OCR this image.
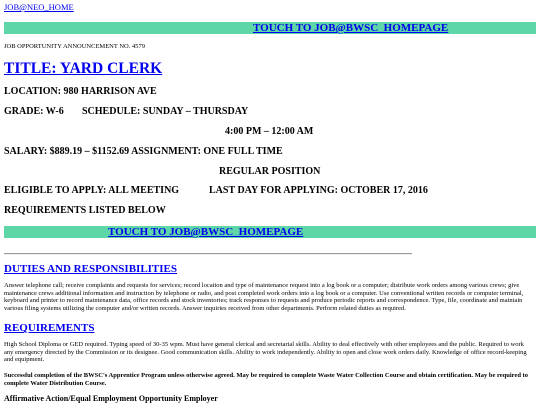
JOB@NEO_HOME
TOUCH TO JOB@BWSC_HOMEPAGE
JOB OPPORTUNITY ANNOUNCEMENT NO. 4579
TITLE: YARD CLERK
LOCATION: 980 HARRISON AVE
GRADE: W-6 SCHEDULE: SUNDAY – THURSDAY
4:00 PM – 12:00 AM
SALARY: $889.19 – $1152.69 ASSIGNMENT: ONE FULL TIME
REGULAR POSITION
ELIGIBLE TO APPLY: ALL MEETING	LAST DAY FOR APPLYING: OCTOBER 17, 2016
REQUIREMENTS LISTED BELOW
TOUCH TO JOB@BWSC_HOMEPAGE
DUTIES AND RESPONSIBILITIES
Answer telephone call; receive complaints and requests for services; record location and type of maintenance request into a log book or a computer; distribute work orders among various crews; give maintenance crews additional information and instruction by telephone or radio, and post completed work orders into a log book or a computer. Use conventional written records or computer terminal, keyboard and printer to record maintenance data, office records and stock inventories; track responses to requests and produce periodic reports and correspondence. Type, file, coordinate and maintain various filing systems utilizing the computer and/or written records. Answer inquiries received from other departments. Perform related duties as required.
REQUIREMENTS
High School Diploma or GED required. Typing speed of 30-35 wpm. Must have general clerical and secretarial skills. Ability to deal effectively with other employees and the public. Required to work any emergency directed by the Commission or its designee. Good communication skills. Ability to work independently. Ability to open and close work orders daily. Knowledge of office record-keeping and equipment.
Successful completion of the BWSC's Apprentice Program unless otherwise agreed. May be required to complete Waste Water Collection Course and obtain certification. May be required to complete Water Distribution Course.
Affirmative Action/Equal Employment Opportunity Employer
